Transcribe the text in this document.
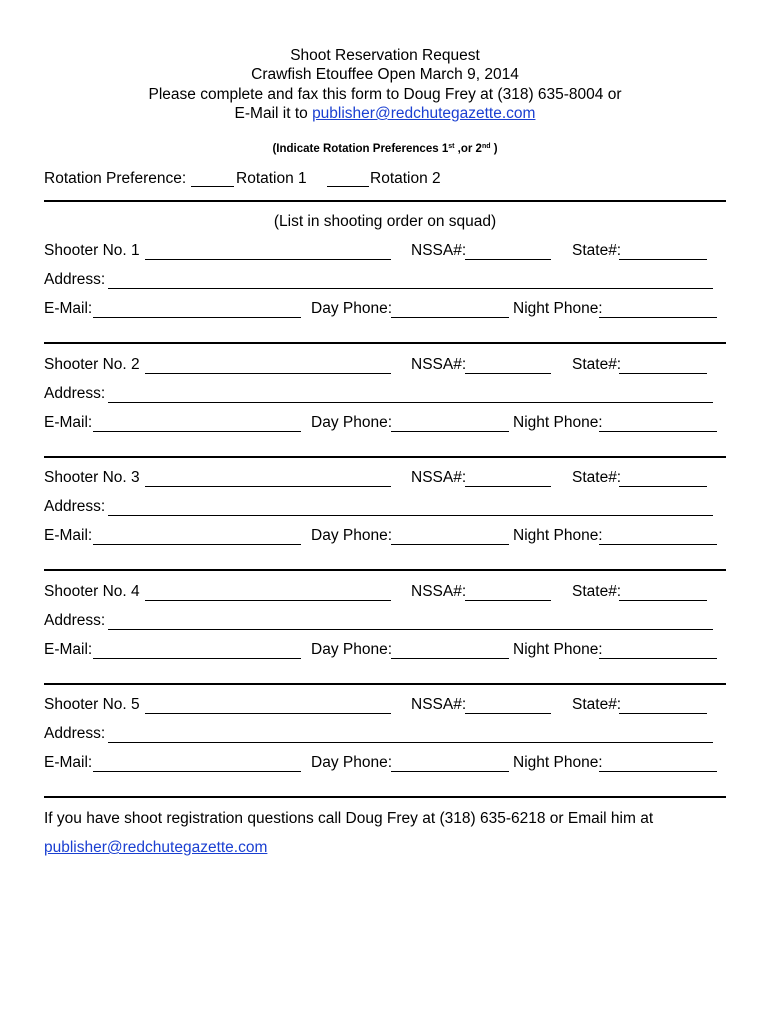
Shoot Reservation Request
Crawfish Etouffee Open March 9, 2014
Please complete and fax this form to Doug Frey at (318) 635-8004 or
E-Mail it to publisher@redchutegazette.com
(Indicate Rotation Preferences 1st ,or 2nd )
Rotation Preference:	Rotation 1	Rotation 2
(List in shooting order on squad)
Shooter No. 1	NSSA#:	State#:
Address:
E-Mail:	Day Phone:	Night Phone:
Shooter No. 2	NSSA#:	State#:
Address:
E-Mail:	Day Phone:	Night Phone:
Shooter No. 3	NSSA#:	State#:
Address:
E-Mail:	Day Phone:	Night Phone:
Shooter No. 4	NSSA#:	State#:
Address:
E-Mail:	Day Phone:	Night Phone:
Shooter No. 5	NSSA#:	State#:
Address:
E-Mail:	Day Phone:	Night Phone:
If you have shoot registration questions call Doug Frey at (318) 635-6218 or Email him at
publisher@redchutegazette.com
